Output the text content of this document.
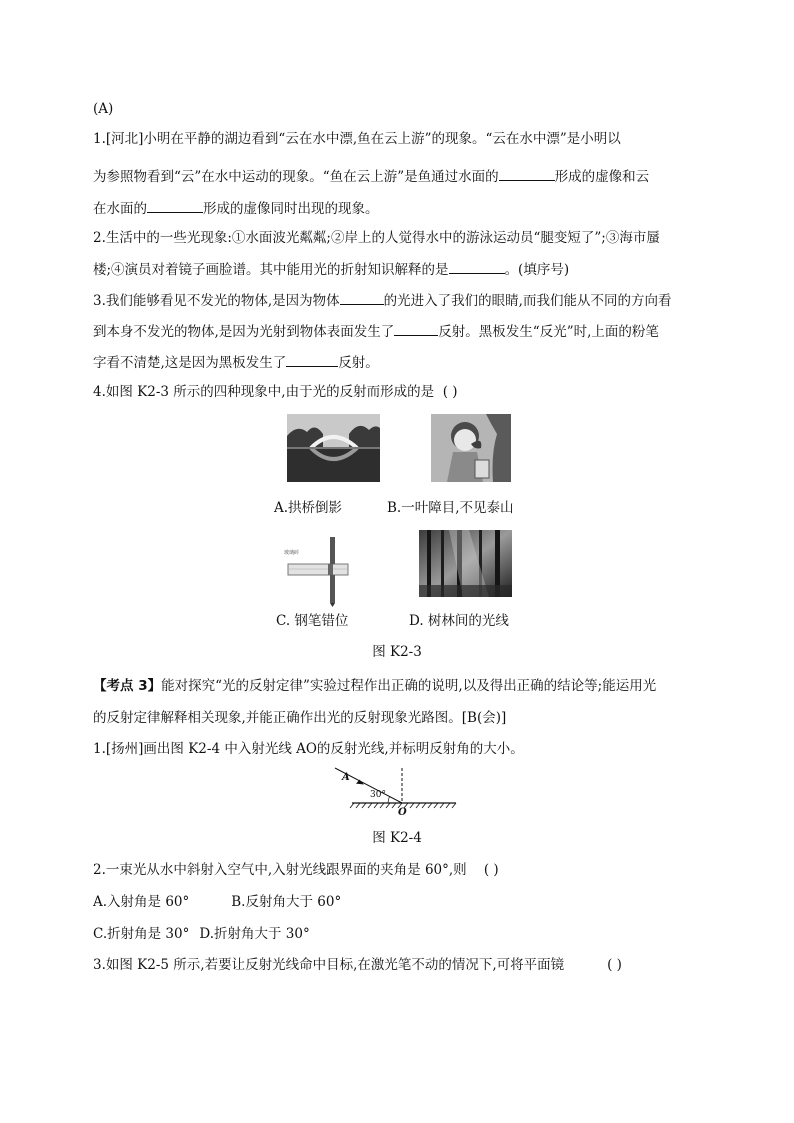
(A)
1.[河北]小明在平静的湖边看到“云在水中漂,鱼在云上游”的现象。“云在水中漂”是小明以
为参照物看到“云”在水中运动的现象。“鱼在云上游”是鱼通过水面的	形成的虚像和云
在水面的	形成的虚像同时出现的现象。
2.生活中的一些光现象:①水面波光粼粼;②岸上的人觉得水中的游泳运动员“腿变短了”;③海市蜃
楼;④演员对着镜子画脸谱。其中能用光的折射知识解释的是	。(填序号)
3.我们能够看见不发光的物体,是因为物体	的光进入了我们的眼睛,而我们能从不同的方向看
到本身不发光的物体,是因为光射到物体表面发生了	反射。黑板发生“反光”时,上面的粉笔
字看不清楚,这是因为黑板发生了	反射。
4.如图 K2-3 所示的四种现象中,由于光的反射而形成的是 ( )
A.拱桥倒影	B.一叶障目,不见泰山
玻璃砖
C. 钢笔错位	D. 树林间的光线
图 K2-3
【考点 3】能对探究“光的反射定律”实验过程作出正确的说明,以及得出正确的结论等;能运用光
的反射定律解释相关现象,并能正确作出光的反射现象光路图。[B(会)]
1.[扬州]画出图 K2-4 中入射光线 AO的反射光线,并标明反射角的大小。
A
30°
O
图 K2-4
2.一束光从水中斜射入空气中,入射光线跟界面的夹角是 60°,则 ( )
A.入射角是 60°	B.反射角大于 60°
C.折射角是 30° D.折射角大于 30°
3.如图 K2-5 所示,若要让反射光线命中目标,在激光笔不动的情况下,可将平面镜	( )
